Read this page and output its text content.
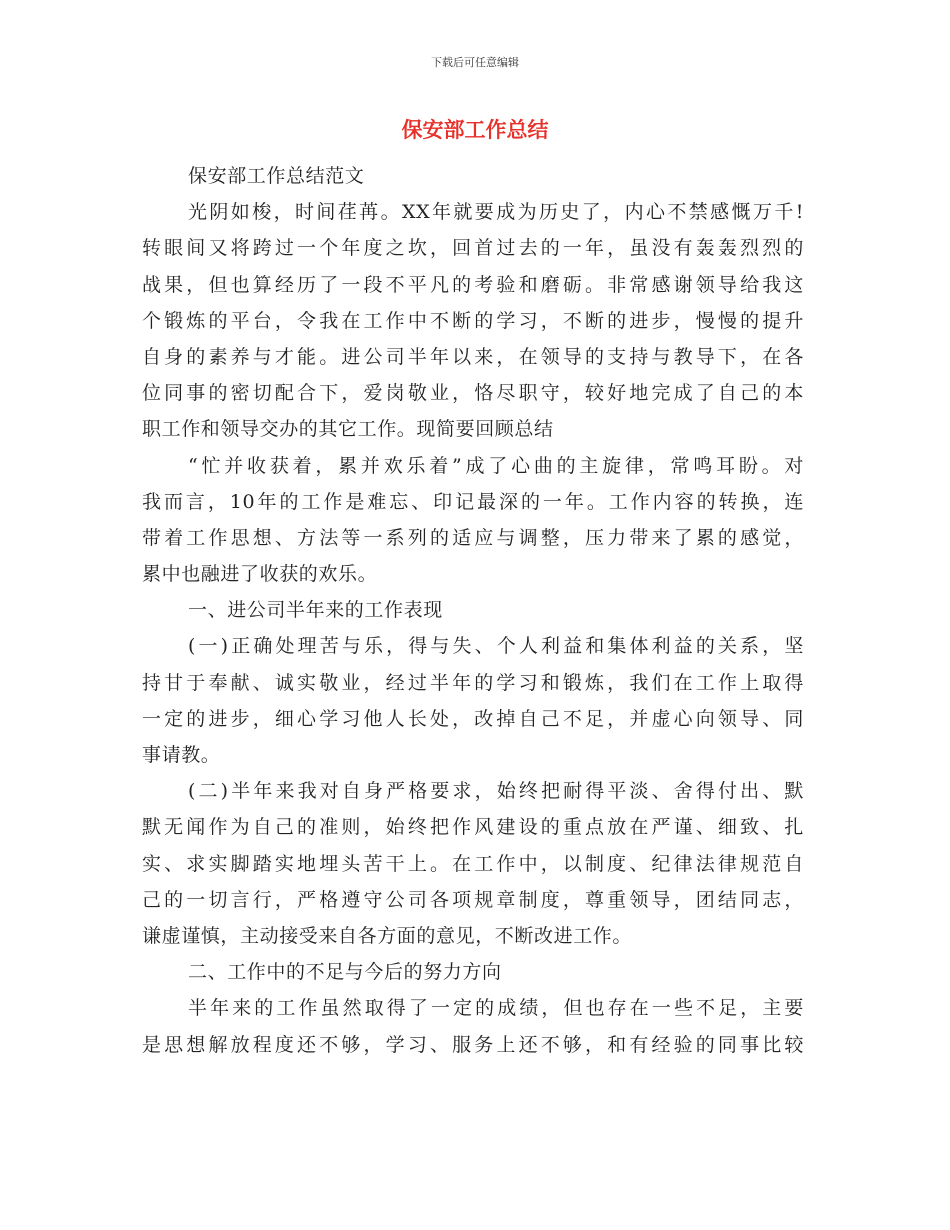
下载后可任意编辑
保安部工作总结
保安部工作总结范文
光阴如梭，时间荏苒。XX年就要成为历史了，内心不禁感慨万千!
转眼间又将跨过一个年度之坎，回首过去的一年，虽没有轰轰烈烈的
战果，但也算经历了一段不平凡的考验和磨砺。非常感谢领导给我这
个锻炼的平台，令我在工作中不断的学习，不断的进步，慢慢的提升
自身的素养与才能。进公司半年以来，在领导的支持与教导下，在各
位同事的密切配合下，爱岗敬业，恪尽职守，较好地完成了自己的本
职工作和领导交办的其它工作。现简要回顾总结
“忙并收获着，累并欢乐着”成了心曲的主旋律，常鸣耳盼。对
我而言，10年的工作是难忘、印记最深的一年。工作内容的转换，连
带着工作思想、方法等一系列的适应与调整，压力带来了累的感觉，
累中也融进了收获的欢乐。
一、进公司半年来的工作表现
(一)正确处理苦与乐，得与失、个人利益和集体利益的关系，坚
持甘于奉献、诚实敬业，经过半年的学习和锻炼，我们在工作上取得
一定的进步，细心学习他人长处，改掉自己不足，并虚心向领导、同
事请教。
(二)半年来我对自身严格要求，始终把耐得平淡、舍得付出、默
默无闻作为自己的准则，始终把作风建设的重点放在严谨、细致、扎
实、求实脚踏实地埋头苦干上。在工作中，以制度、纪律法律规范自
己的一切言行，严格遵守公司各项规章制度，尊重领导，团结同志，
谦虚谨慎，主动接受来自各方面的意见，不断改进工作。
二、工作中的不足与今后的努力方向
半年来的工作虽然取得了一定的成绩，但也存在一些不足，主要
是思想解放程度还不够，学习、服务上还不够，和有经验的同事比较
